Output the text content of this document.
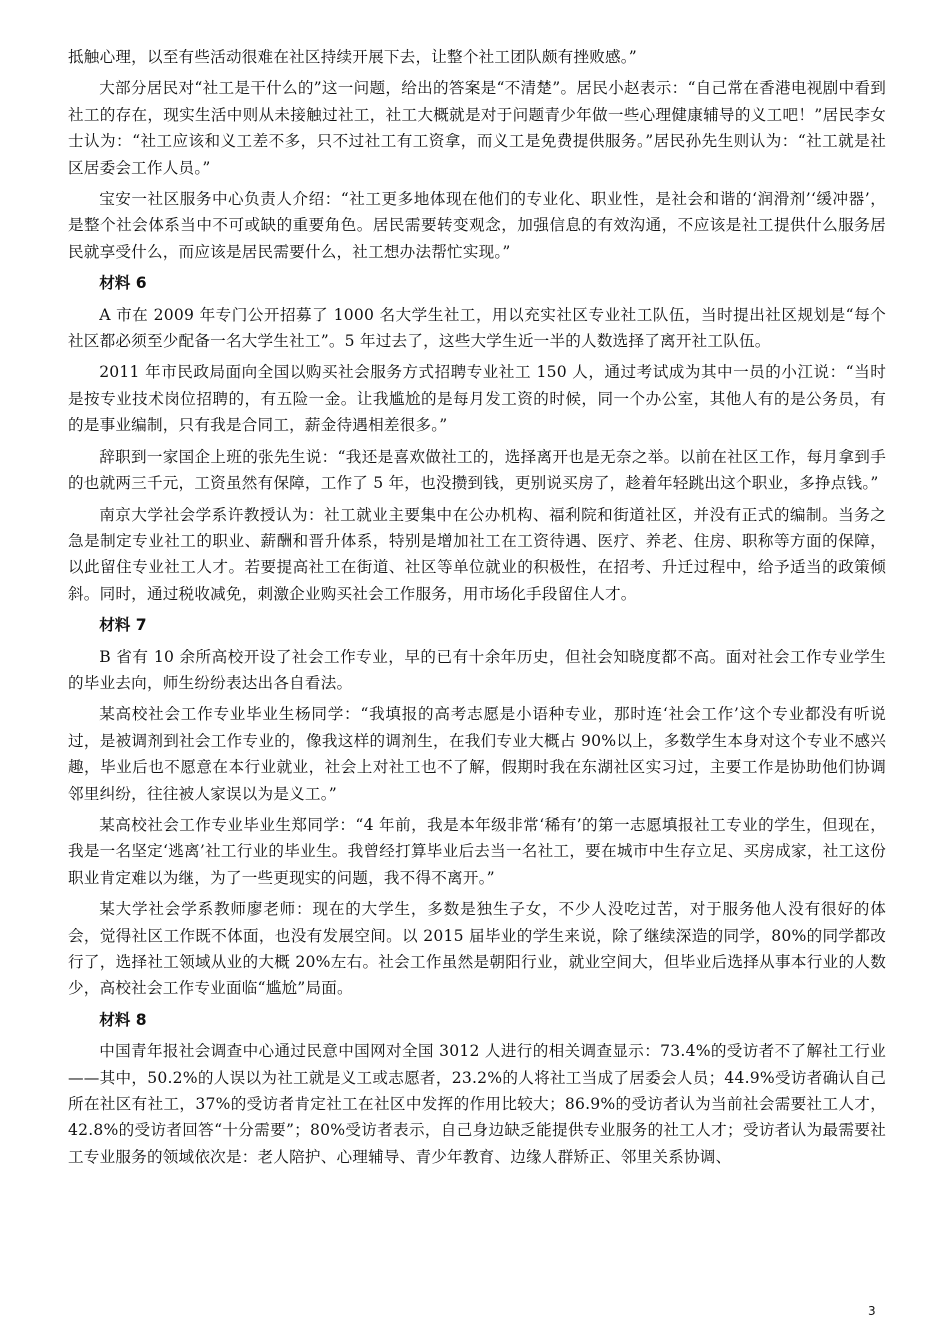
抵触心理，以至有些活动很难在社区持续开展下去，让整个社工团队颇有挫败感。”

大部分居民对“社工是干什么的”这一问题，给出的答案是“不清楚”。居民小赵表示：“自己常在香港电视剧中看到社工的存在，现实生活中则从未接触过社工，社工大概就是对于问题青少年做一些心理健康辅导的义工吧！”居民李女士认为：“社工应该和义工差不多，只不过社工有工资拿，而义工是免费提供服务。”居民孙先生则认为：“社工就是社区居委会工作人员。”

宝安一社区服务中心负责人介绍：“社工更多地体现在他们的专业化、职业性，是社会和谐的‘润滑剂’‘缓冲器’，是整个社会体系当中不可或缺的重要角色。居民需要转变观念，加强信息的有效沟通，不应该是社工提供什么服务居民就享受什么，而应该是居民需要什么，社工想办法帮忙实现。”

材料 6

A 市在 2009 年专门公开招募了 1000 名大学生社工，用以充实社区专业社工队伍，当时提出社区规划是“每个社区都必须至少配备一名大学生社工”。5 年过去了，这些大学生近一半的人数选择了离开社工队伍。

2011 年市民政局面向全国以购买社会服务方式招聘专业社工 150 人，通过考试成为其中一员的小江说：“当时是按专业技术岗位招聘的，有五险一金。让我尴尬的是每月发工资的时候，同一个办公室，其他人有的是公务员，有的是事业编制，只有我是合同工，薪金待遇相差很多。”

辞职到一家国企上班的张先生说：“我还是喜欢做社工的，选择离开也是无奈之举。以前在社区工作，每月拿到手的也就两三千元，工资虽然有保障，工作了 5 年，也没攒到钱，更别说买房了，趁着年轻跳出这个职业，多挣点钱。”

南京大学社会学系许教授认为：社工就业主要集中在公办机构、福利院和街道社区，并没有正式的编制。当务之急是制定专业社工的职业、薪酬和晋升体系，特别是增加社工在工资待遇、医疗、养老、住房、职称等方面的保障，以此留住专业社工人才。若要提高社工在街道、社区等单位就业的积极性，在招考、升迁过程中，给予适当的政策倾斜。同时，通过税收减免，刺激企业购买社会工作服务，用市场化手段留住人才。

材料 7

B 省有 10 余所高校开设了社会工作专业，早的已有十余年历史，但社会知晓度都不高。面对社会工作专业学生的毕业去向，师生纷纷表达出各自看法。

某高校社会工作专业毕业生杨同学：“我填报的高考志愿是小语种专业，那时连‘社会工作’这个专业都没有听说过，是被调剂到社会工作专业的，像我这样的调剂生，在我们专业大概占 90%以上，多数学生本身对这个专业不感兴趣，毕业后也不愿意在本行业就业，社会上对社工也不了解，假期时我在东湖社区实习过，主要工作是协助他们协调邻里纠纷，往往被人家误以为是义工。”

某高校社会工作专业毕业生郑同学：“4 年前，我是本年级非常‘稀有’的第一志愿填报社工专业的学生，但现在，我是一名坚定‘逃离’社工行业的毕业生。我曾经打算毕业后去当一名社工，要在城市中生存立足、买房成家，社工这份职业肯定难以为继，为了一些更现实的问题，我不得不离开。”

某大学社会学系教师廖老师：现在的大学生，多数是独生子女，不少人没吃过苦，对于服务他人没有很好的体会，觉得社区工作既不体面，也没有发展空间。以 2015 届毕业的学生来说，除了继续深造的同学，80%的同学都改行了，选择社工领域从业的大概 20%左右。社会工作虽然是朝阳行业，就业空间大，但毕业后选择从事本行业的人数少，高校社会工作专业面临“尴尬”局面。

材料 8

中国青年报社会调查中心通过民意中国网对全国 3012 人进行的相关调查显示：73.4%的受访者不了解社工行业——其中，50.2%的人误以为社工就是义工或志愿者，23.2%的人将社工当成了居委会人员；44.9%受访者确认自己所在社区有社工，37%的受访者肯定社工在社区中发挥的作用比较大；86.9%的受访者认为当前社会需要社工人才，42.8%的受访者回答“十分需要”；80%受访者表示，自己身边缺乏能提供专业服务的社工人才；受访者认为最需要社工专业服务的领域依次是：老人陪护、心理辅导、青少年教育、边缘人群矫正、邻里关系协调、

3
